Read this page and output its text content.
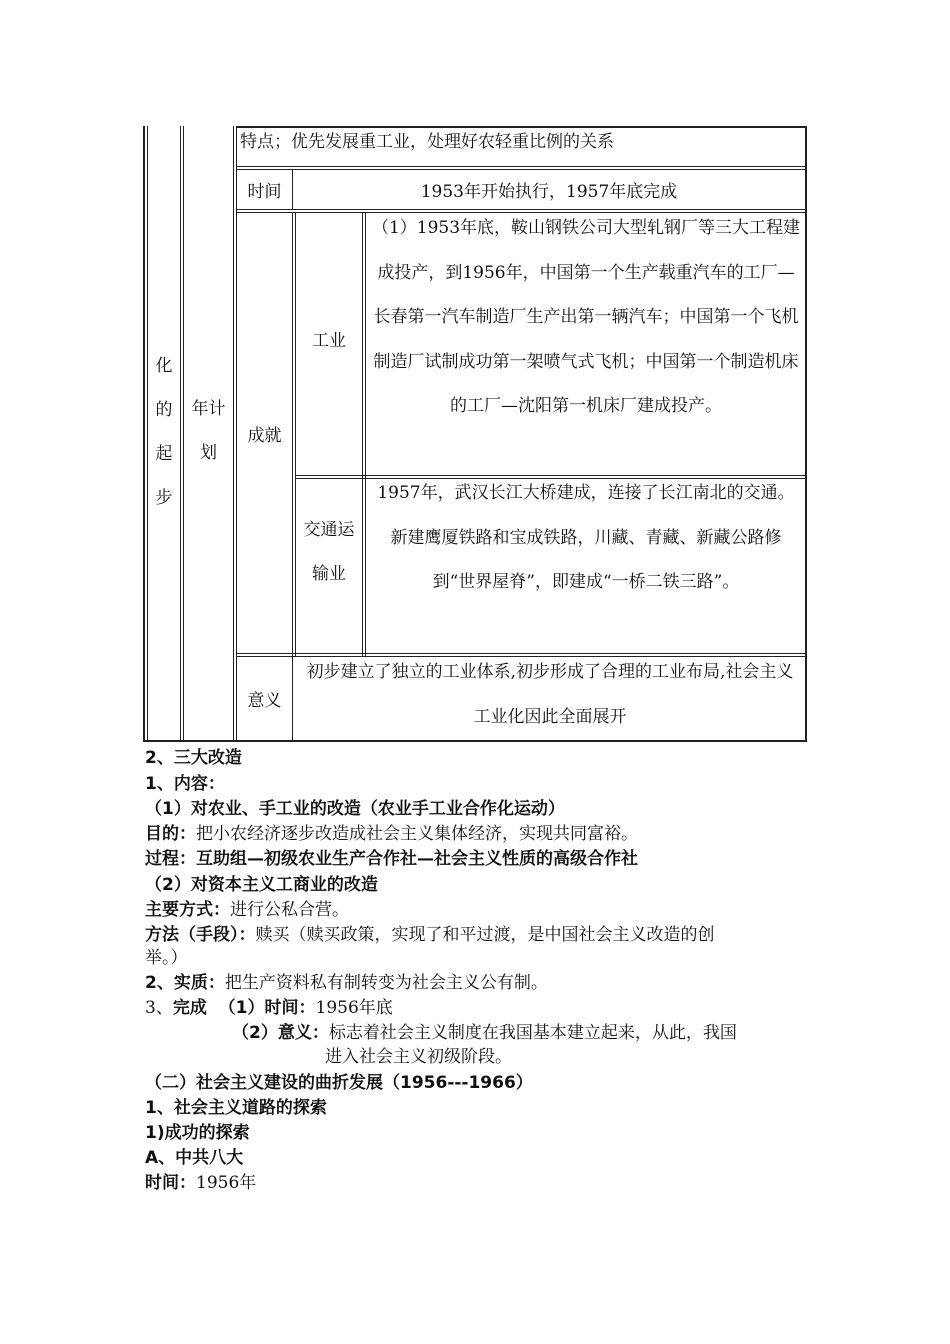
化
的
起
步
年计
划
特点；优先发展重工业，处理好农轻重比例的关系
时间	1953年开始执行，1957年底完成
成就
工业
（1）1953年底，鞍山钢铁公司大型轧钢厂等三大工程建成投产，到1956年，中国第一个生产载重汽车的工厂—长春第一汽车制造厂生产出第一辆汽车；中国第一个飞机制造厂试制成功第一架喷气式飞机；中国第一个制造机床的工厂—沈阳第一机床厂建成投产。
交通运
输业
1957年，武汉长江大桥建成，连接了长江南北的交通。新建鹰厦铁路和宝成铁路，川藏、青藏、新藏公路修到“世界屋脊”，即建成“一桥二铁三路”。
意义
初步建立了独立的工业体系,初步形成了合理的工业布局,社会主义工业化因此全面展开
2、三大改造
1、内容：
（1）对农业、手工业的改造（农业手工业合作化运动）
目的：把小农经济逐步改造成社会主义集体经济，实现共同富裕。
过程：互助组—初级农业生产合作社—社会主义性质的高级合作社
（2）对资本主义工商业的改造
主要方式：进行公私合营。
方法（手段）：赎买（赎买政策，实现了和平过渡，是中国社会主义改造的创
举。）
2、实质：把生产资料私有制转变为社会主义公有制。
3、完成  （1）时间：1956年底
（2）意义：标志着社会主义制度在我国基本建立起来，从此，我国
进入社会主义初级阶段。
（二）社会主义建设的曲折发展（1956---1966）
1、社会主义道路的探索
1)成功的探索
A、中共八大
时间：1956年
